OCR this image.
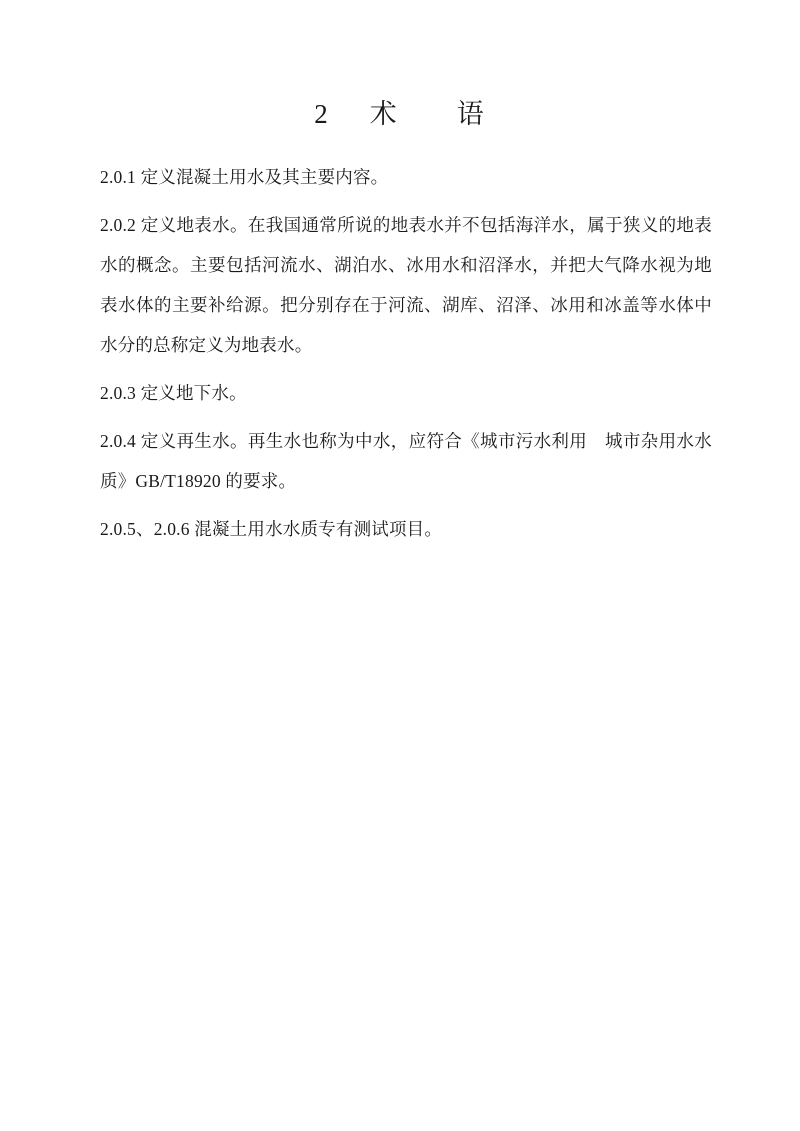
2 术　　语

2.0.1 定义混凝土用水及其主要内容。

2.0.2 定义地表水。在我国通常所说的地表水并不包括海洋水，属于狭义的地表水的概念。主要包括河流水、湖泊水、冰用水和沼泽水，并把大气降水视为地表水体的主要补给源。把分别存在于河流、湖库、沼泽、冰用和冰盖等水体中水分的总称定义为地表水。

2.0.3 定义地下水。

2.0.4 定义再生水。再生水也称为中水，应符合《城市污水利用　城市杂用水水质》GB/T18920 的要求。

2.0.5、2.0.6 混凝土用水水质专有测试项目。
